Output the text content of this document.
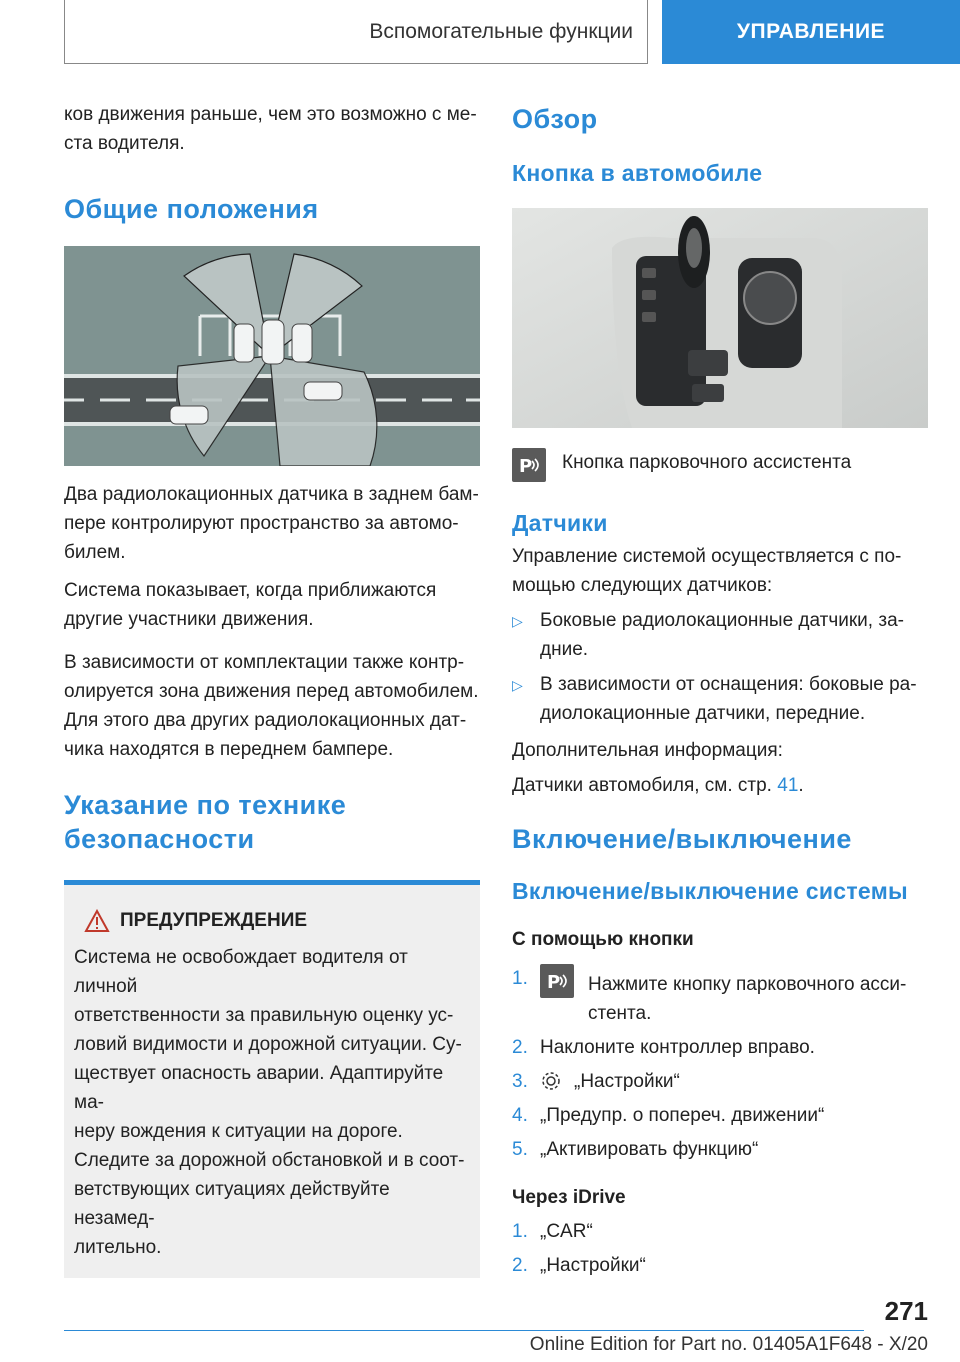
Вспомогательные функции	УПРАВЛЕНИЕ

ков движения раньше, чем это возможно с ме-
ста водителя.

Общие положения

Два радиолокационных датчика в заднем бам-
пере контролируют пространство за автомо-
билем.

Система показывает, когда приближаются
другие участники движения.

В зависимости от комплектации также контр-
олируется зона движения перед автомобилем.
Для этого два других радиолокационных дат-
чика находятся в переднем бампере.

Указание по технике
безопасности
ПРЕДУПРЕЖДЕНИЕ

Система не освобождает водителя от личной
ответственности за правильную оценку ус-
ловий видимости и дорожной ситуации. Су-
ществует опасность аварии. Адаптируйте ма-
неру вождения к ситуации на дороге.
Следите за дорожной обстановкой и в соот-
ветствующих ситуациях действуйте незамед-
лительно.

Обзор
Кнопка в автомобиле
P Кнопка парковочного ассистента

Датчики

Управление системой осуществляется с по-
мощью следующих датчиков:

▷ Боковые радиолокационные датчики, за-
дние.
▷ В зависимости от оснащения: боковые ра-
диолокационные датчики, передние.

Дополнительная информация:

Датчики автомобиля, см. стр. 41.

Включение/выключение
Включение/выключение системы
С помощью кнопки
1.	P Нажмите кнопку парковочного асси-
стента.
2. Наклоните контроллер вправо.
3.	„Настройки“
4. „Предупр. о попереч. движении“
5. „Активировать функцию“
Через iDrive
1. „CAR“
2. „Настройки“
271
Online Edition for Part no. 01405A1F648 - X/20
